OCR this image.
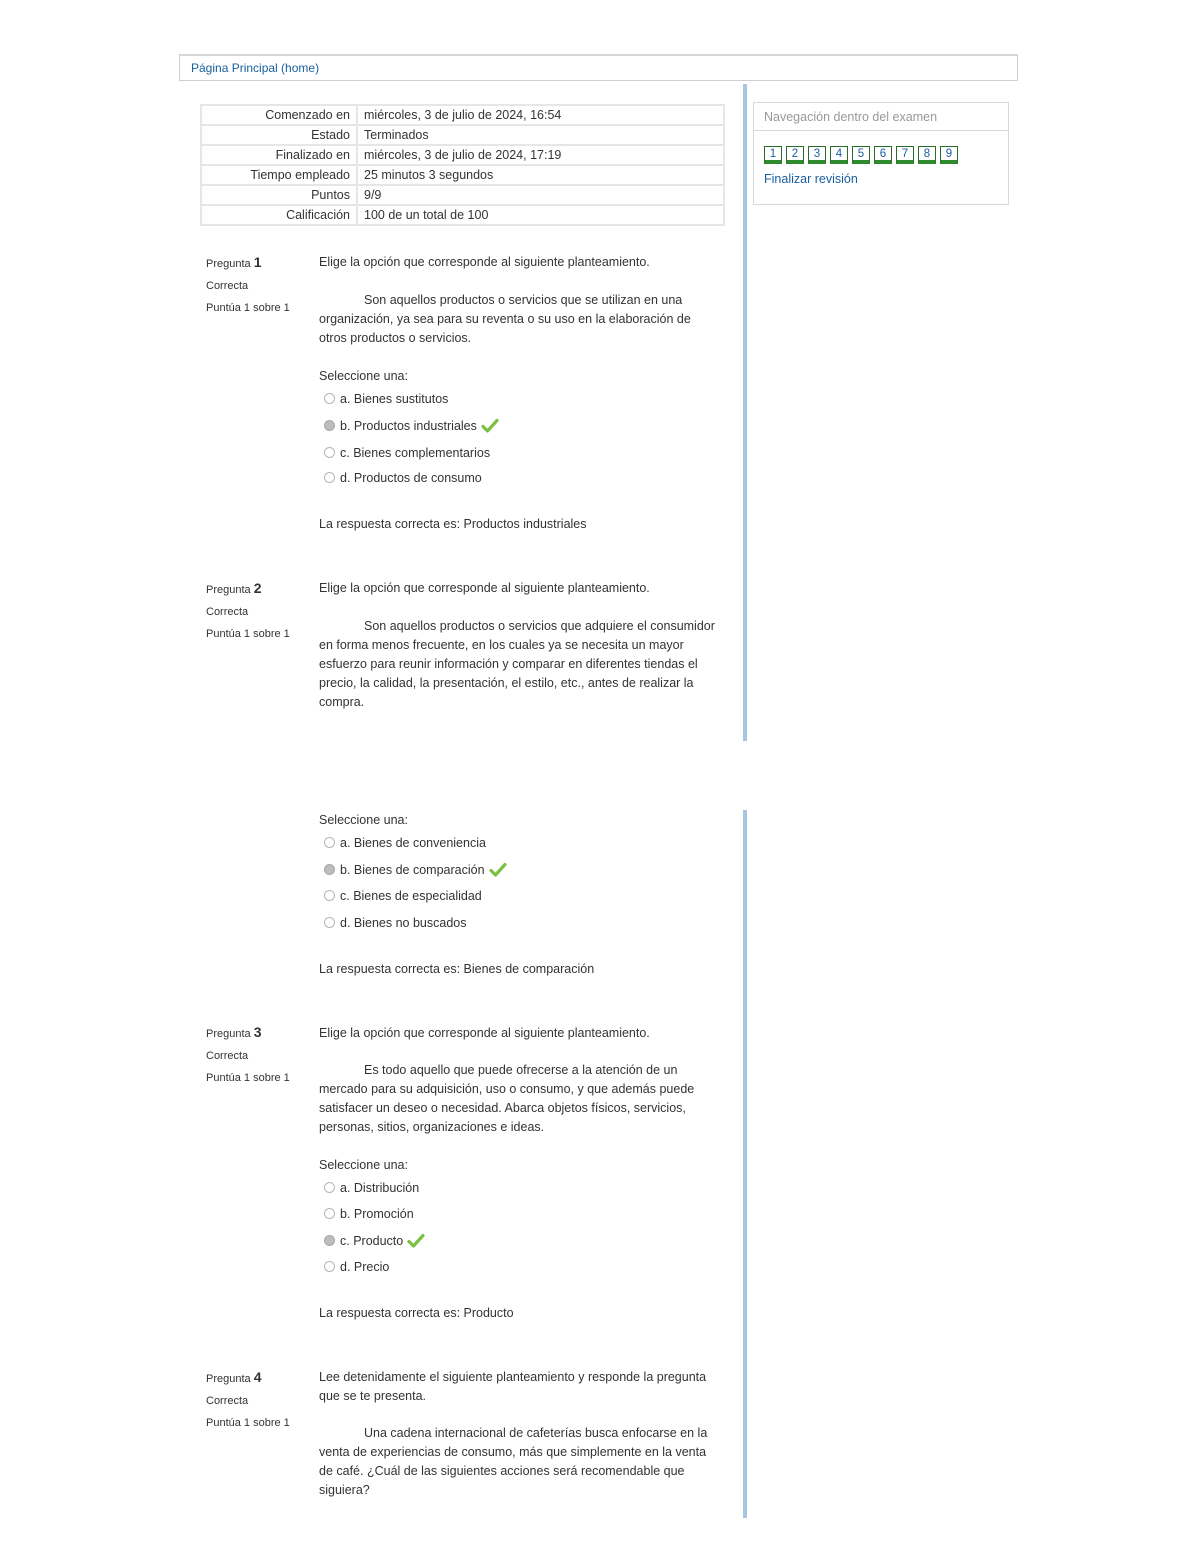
Página Principal (home)
Comenzado en	miércoles, 3 de julio de 2024, 16:54
Estado	Terminados
Finalizado en	miércoles, 3 de julio de 2024, 17:19
Tiempo empleado	25 minutos 3 segundos
Puntos	9/9
Calificación	100 de un total de 100
Navegación dentro del examen
1	2	3	4	5	6	7	8	9
Finalizar revisión
Pregunta 1
Correcta
Puntúa 1 sobre 1

Elige la opción que corresponde al siguiente planteamiento.

Son aquellos productos o servicios que se utilizan en una organización, ya sea para su reventa o su uso en la elaboración de otros productos o servicios.

Seleccione una:

a. Bienes sustitutos
b. Productos industriales
c. Bienes complementarios
d. Productos de consumo
La respuesta correcta es: Productos industriales
Pregunta 2
Correcta
Puntúa 1 sobre 1

Elige la opción que corresponde al siguiente planteamiento.

Son aquellos productos o servicios que adquiere el consumidor en forma menos frecuente, en los cuales ya se necesita un mayor esfuerzo para reunir información y comparar en diferentes tiendas el precio, la calidad, la presentación, el estilo, etc., antes de realizar la compra.

Seleccione una:

a. Bienes de conveniencia
b. Bienes de comparación
c. Bienes de especialidad
d. Bienes no buscados
La respuesta correcta es: Bienes de comparación
Pregunta 3
Correcta
Puntúa 1 sobre 1

Elige la opción que corresponde al siguiente planteamiento.

Es todo aquello que puede ofrecerse a la atención de un mercado para su adquisición, uso o consumo, y que además puede satisfacer un deseo o necesidad. Abarca objetos físicos, servicios, personas, sitios, organizaciones e ideas.

Seleccione una:

a. Distribución
b. Promoción
c. Producto
d. Precio
La respuesta correcta es: Producto
Pregunta 4
Correcta
Puntúa 1 sobre 1

Lee detenidamente el siguiente planteamiento y responde la pregunta que se te presenta.

Una cadena internacional de cafeterías busca enfocarse en la venta de experiencias de consumo, más que simplemente en la venta de café. ¿Cuál de las siguientes acciones será recomendable que siguiera?
